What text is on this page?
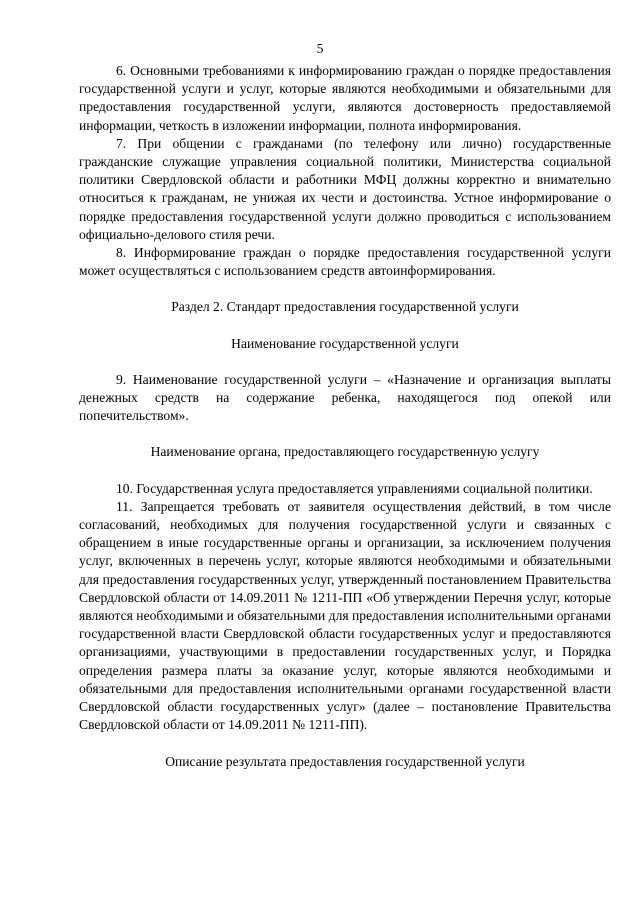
5

6. Основными требованиями к информированию граждан о порядке предоставления государственной услуги и услуг, которые являются необходимыми и обязательными для предоставления государственной услуги, являются достоверность предоставляемой информации, четкость в изложении информации, полнота информирования.

7. При общении с гражданами (по телефону или лично) государственные гражданские служащие управления социальной политики, Министерства социальной политики Свердловской области и работники МФЦ должны корректно и внимательно относиться к гражданам, не унижая их чести и достоинства. Устное информирование о порядке предоставления государственной услуги должно проводиться с использованием официально-делового стиля речи.

8. Информирование граждан о порядке предоставления государственной услуги может осуществляться с использованием средств автоинформирования.

Раздел 2. Стандарт предоставления государственной услуги

Наименование государственной услуги

9. Наименование государственной услуги – «Назначение и организация выплаты денежных средств на содержание ребенка, находящегося под опекой или попечительством».

Наименование органа, предоставляющего государственную услугу

10. Государственная услуга предоставляется управлениями социальной политики.

11. Запрещается требовать от заявителя осуществления действий, в том числе согласований, необходимых для получения государственной услуги и связанных с обращением в иные государственные органы и организации, за исключением получения услуг, включенных в перечень услуг, которые являются необходимыми и обязательными для предоставления государственных услуг, утвержденный постановлением Правительства Свердловской области от 14.09.2011 № 1211-ПП «Об утверждении Перечня услуг, которые являются необходимыми и обязательными для предоставления исполнительными органами государственной власти Свердловской области государственных услуг и предоставляются организациями, участвующими в предоставлении государственных услуг, и Порядка определения размера платы за оказание услуг, которые являются необходимыми и обязательными для предоставления исполнительными органами государственной власти Свердловской области государственных услуг» (далее – постановление Правительства Свердловской области от 14.09.2011 № 1211-ПП).

Описание результата предоставления государственной услуги
